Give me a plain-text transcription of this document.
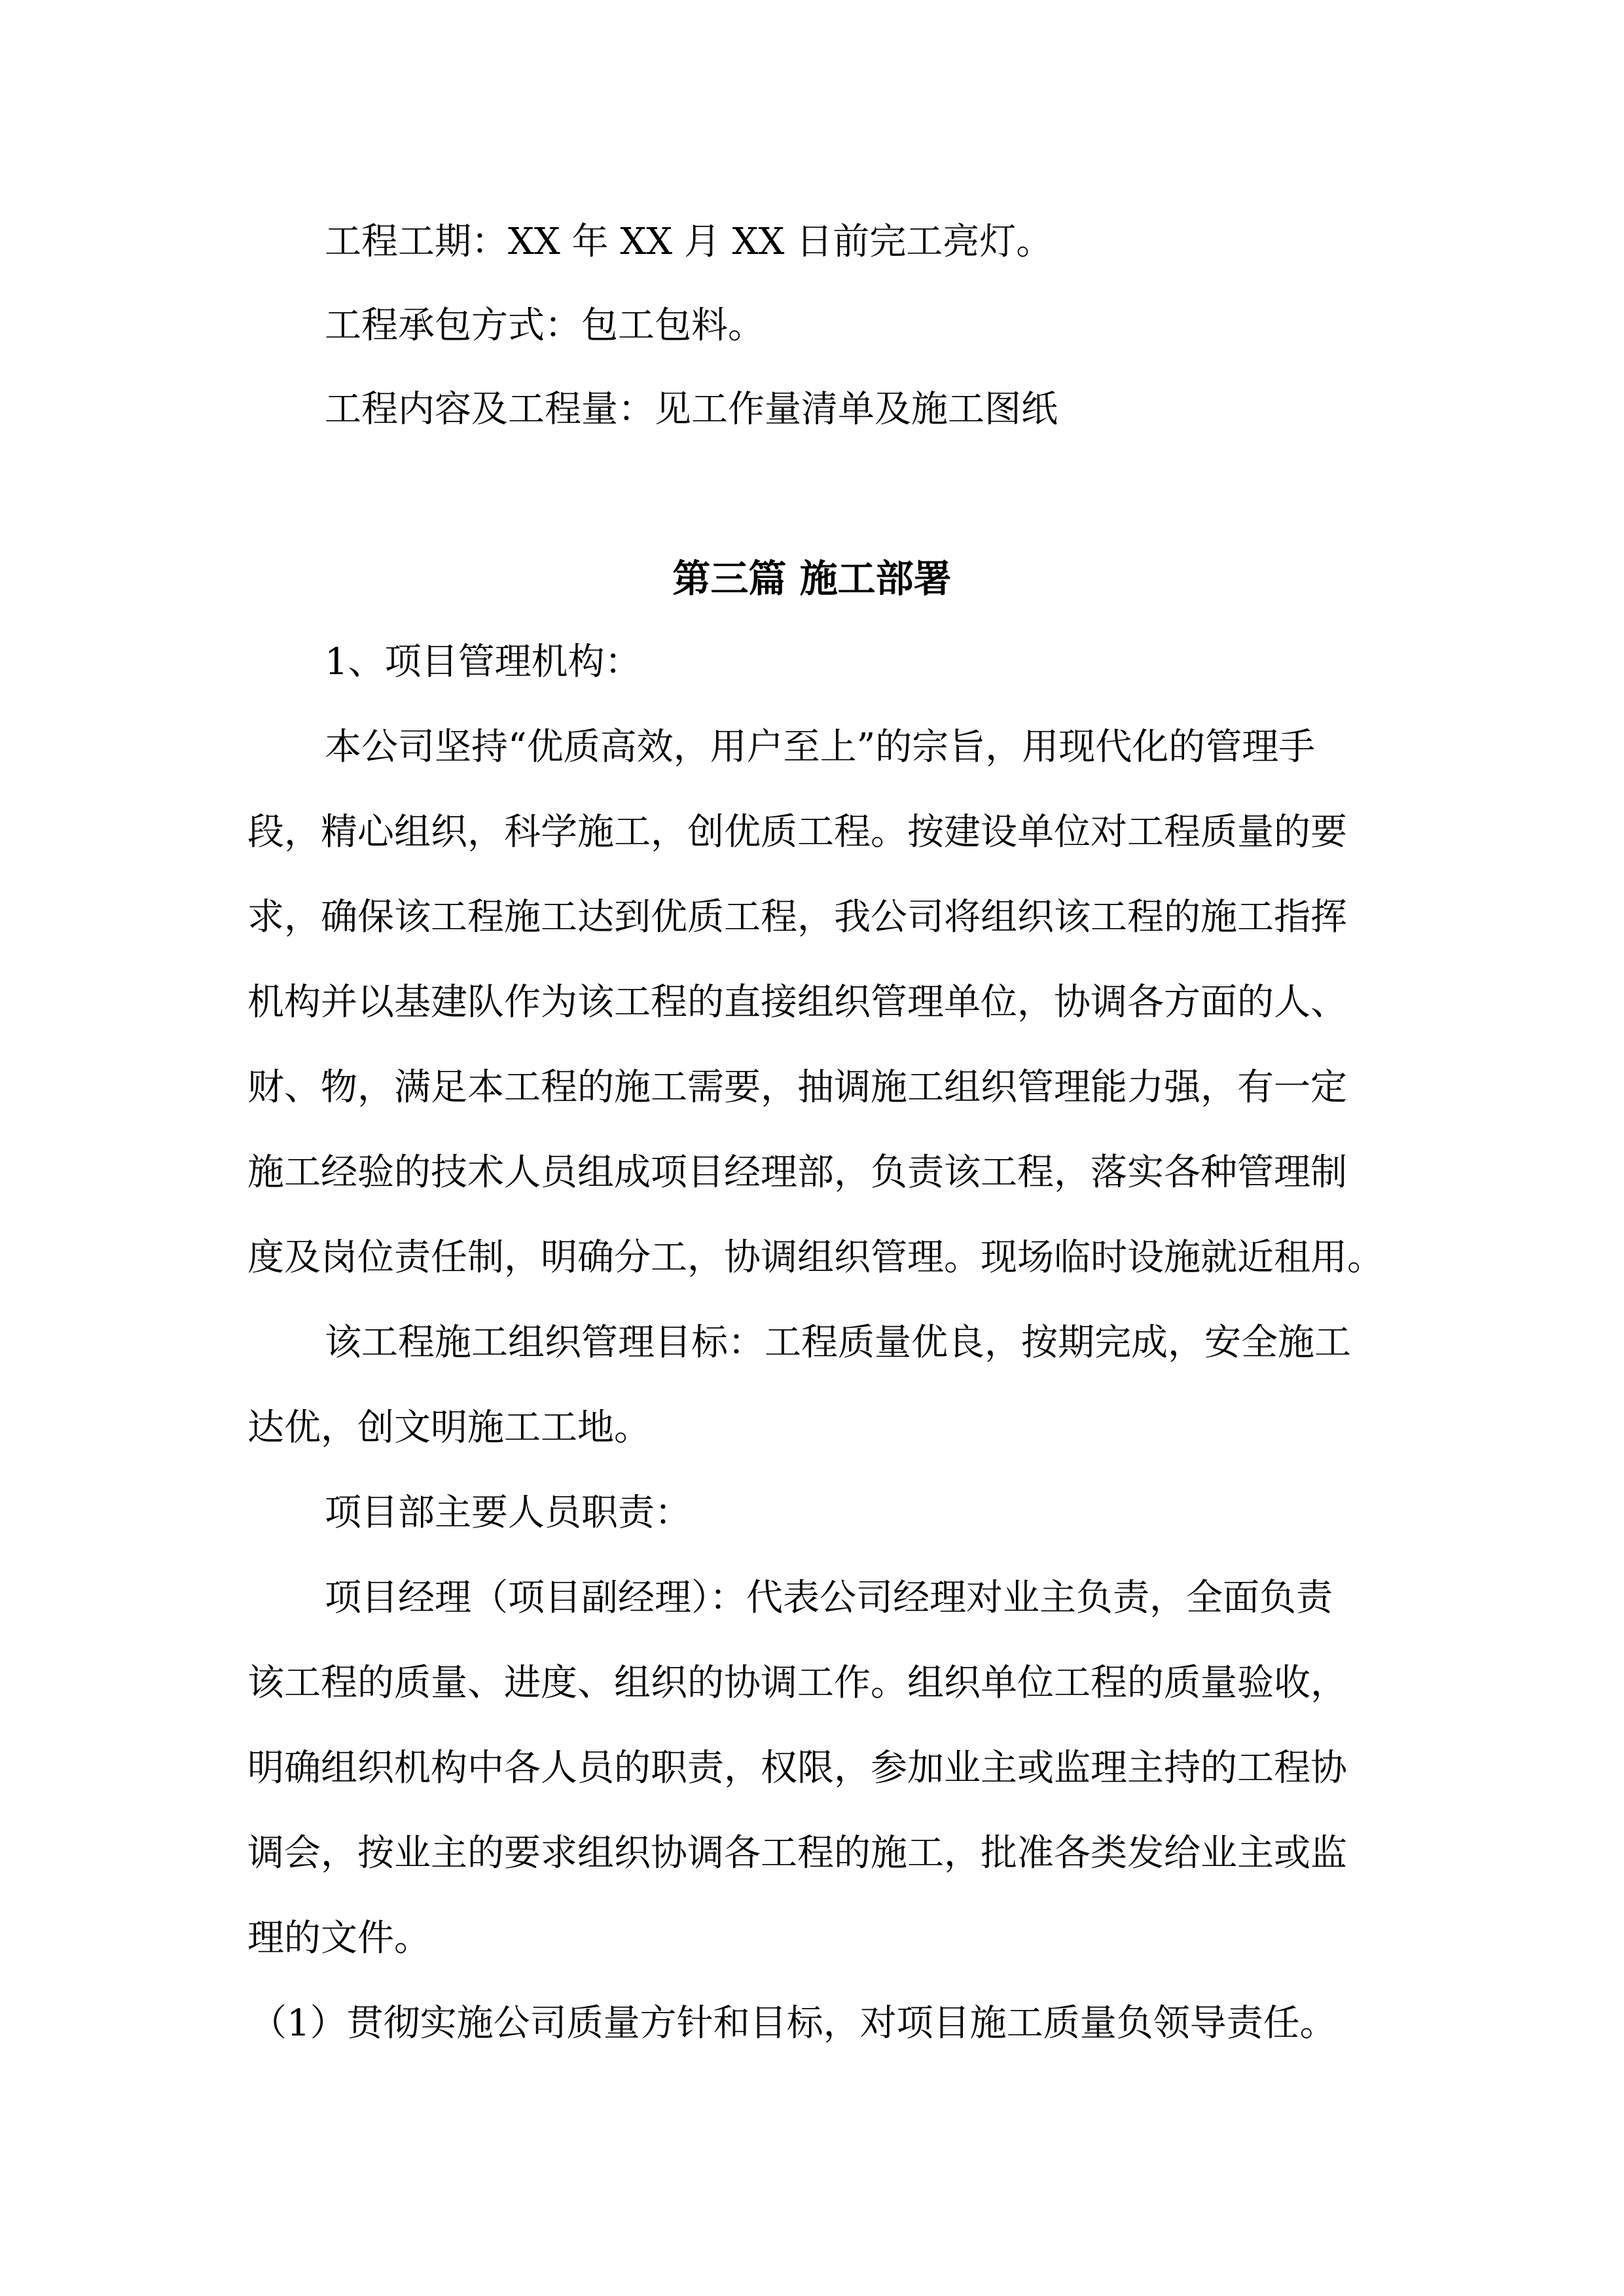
工程工期：XX 年 XX 月 XX 日前完工亮灯。
工程承包方式：包工包料。
工程内容及工程量：见工作量清单及施工图纸
第三篇 施工部署
1、项目管理机构：
本公司坚持“优质高效，用户至上”的宗旨，用现代化的管理手
段，精心组织，科学施工，创优质工程。按建设单位对工程质量的要
求，确保该工程施工达到优质工程，我公司将组织该工程的施工指挥
机构并以基建队作为该工程的直接组织管理单位，协调各方面的人、
财、物，满足本工程的施工需要，抽调施工组织管理能力强，有一定
施工经验的技术人员组成项目经理部，负责该工程，落实各种管理制
度及岗位责任制，明确分工，协调组织管理。现场临时设施就近租用。
该工程施工组织管理目标：工程质量优良，按期完成，安全施工
达优，创文明施工工地。
项目部主要人员职责：
项目经理（项目副经理）：代表公司经理对业主负责，全面负责
该工程的质量、进度、组织的协调工作。组织单位工程的质量验收，
明确组织机构中各人员的职责，权限，参加业主或监理主持的工程协
调会，按业主的要求组织协调各工程的施工，批准各类发给业主或监
理的文件。
（1）贯彻实施公司质量方针和目标，对项目施工质量负领导责任。
